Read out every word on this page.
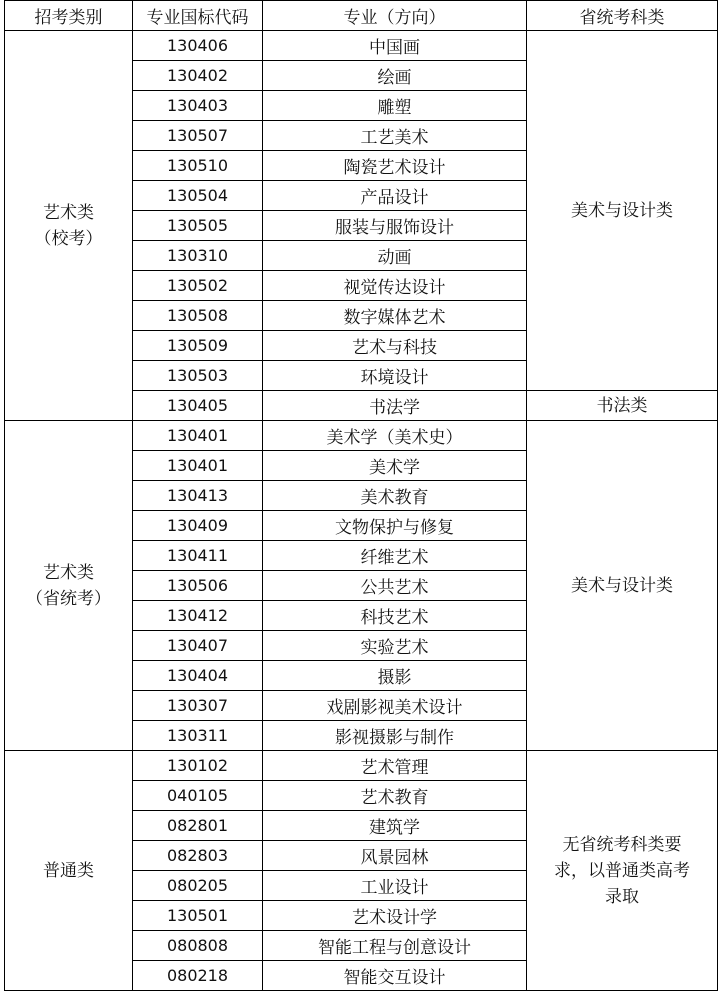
招考类别	专业国标代码	专业（方向）	省统考科类

艺术类
（校考）	130406	中国画	美术与设计类

	130402	绘画	
	130403	雕塑	
	130507	工艺美术	
	130510	陶瓷艺术设计	
	130504	产品设计	
	130505	服装与服饰设计	
	130310	动画	
	130502	视觉传达设计	
	130508	数字媒体艺术	
	130509	艺术与科技	
	130503	环境设计	
	130405	书法学	书法类

艺术类
（省统考）	130401	美术学（美术史）	美术与设计类

	130401	美术学	
	130413	美术教育	
	130409	文物保护与修复	
	130411	纤维艺术	
	130506	公共艺术	
	130412	科技艺术	
	130407	实验艺术	
	130404	摄影	
	130307	戏剧影视美术设计	
	130311	影视摄影与制作	

普通类	130102	艺术管理	无省统考科类要
求，以普通类高考
录取

	040105	艺术教育	
	082801	建筑学	
	082803	风景园林	
	080205	工业设计	
	130501	艺术设计学	
	080808	智能工程与创意设计	
	080218	智能交互设计	
